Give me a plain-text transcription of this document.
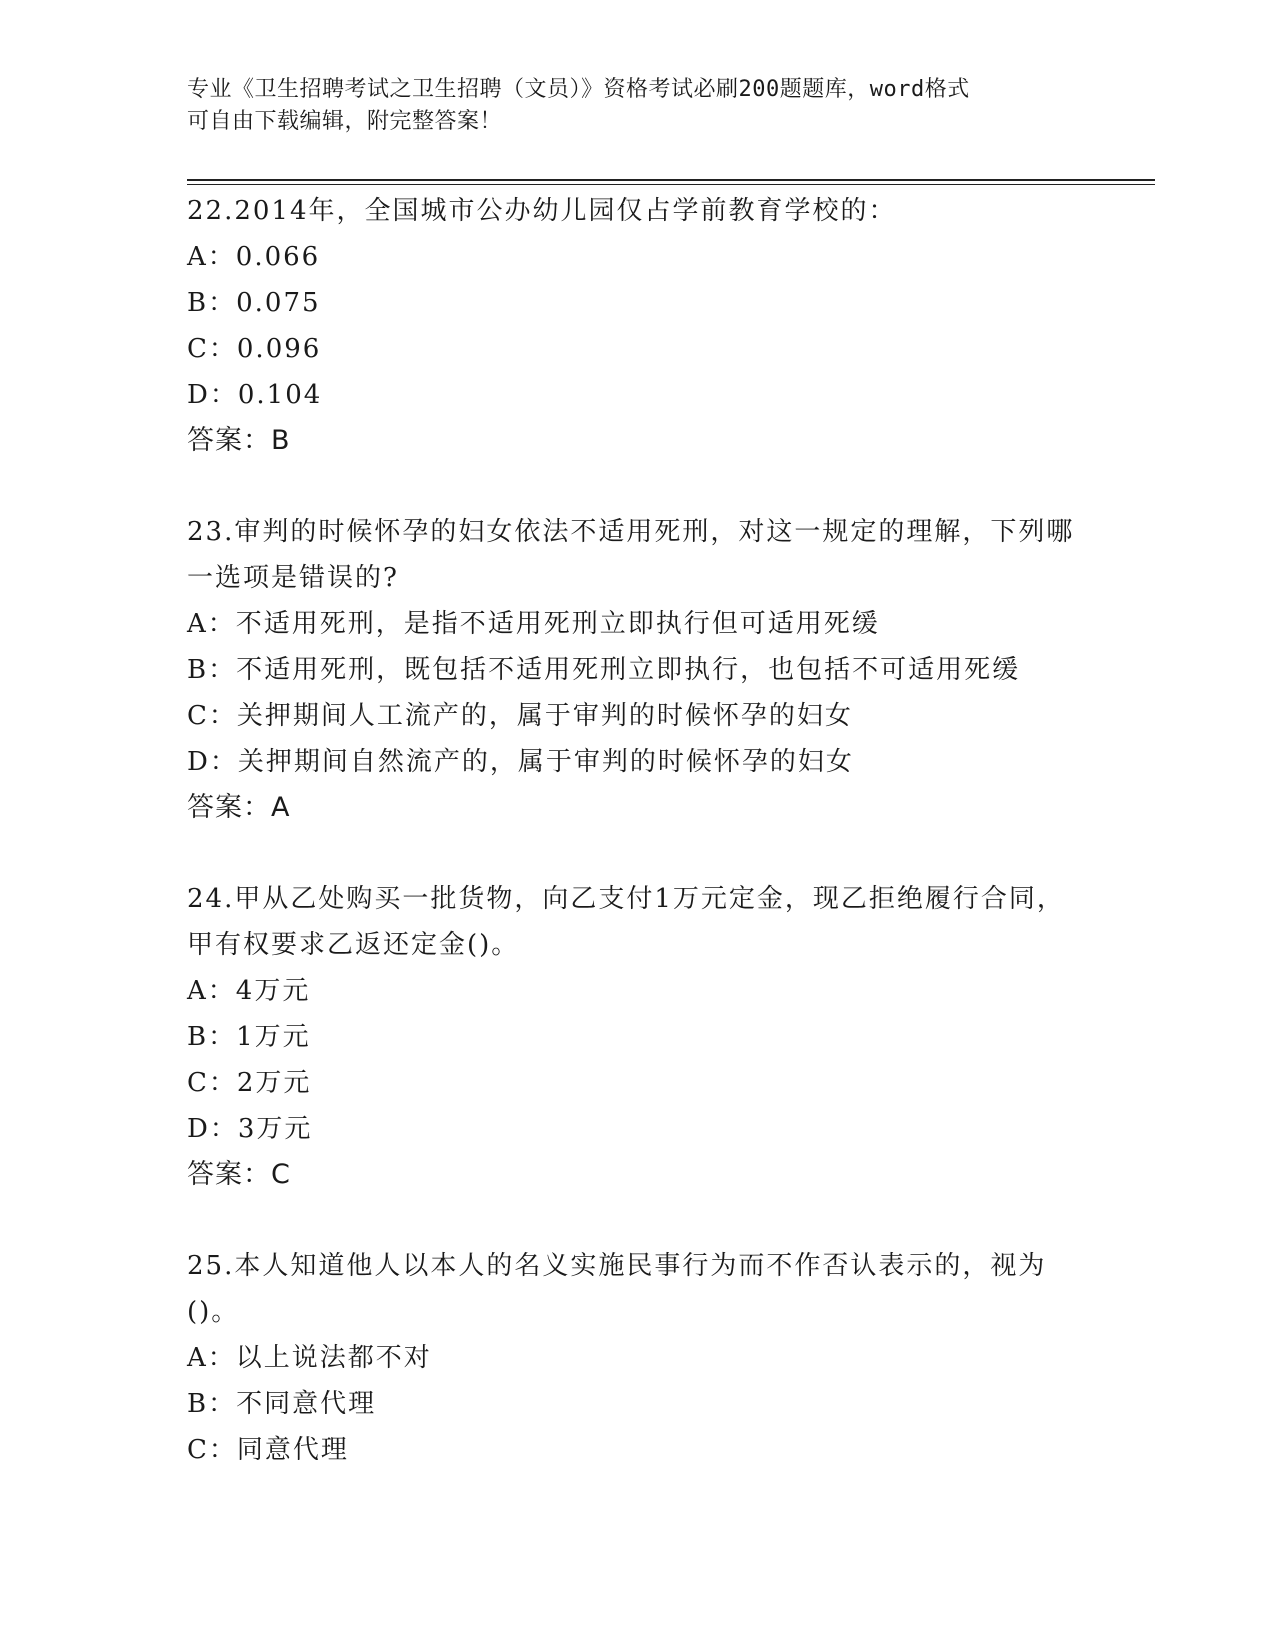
专业《卫生招聘考试之卫生招聘（文员）》资格考试必刷200题题库，word格式
可自由下载编辑，附完整答案！

22.2014年，全国城市公办幼儿园仅占学前教育学校的：

A：0.066

B：0.075

C：0.096

D：0.104

答案：B

23.审判的时候怀孕的妇女依法不适用死刑，对这一规定的理解，下列哪一选项是错误的?

A：不适用死刑，是指不适用死刑立即执行但可适用死缓

B：不适用死刑，既包括不适用死刑立即执行，也包括不可适用死缓

C：关押期间人工流产的，属于审判的时候怀孕的妇女

D：关押期间自然流产的，属于审判的时候怀孕的妇女

答案：A

24.甲从乙处购买一批货物，向乙支付1万元定金，现乙拒绝履行合同，甲有权要求乙返还定金()。

A：4万元

B：1万元

C：2万元

D：3万元

答案：C

25.本人知道他人以本人的名义实施民事行为而不作否认表示的，视为()。

A：以上说法都不对

B：不同意代理

C：同意代理
